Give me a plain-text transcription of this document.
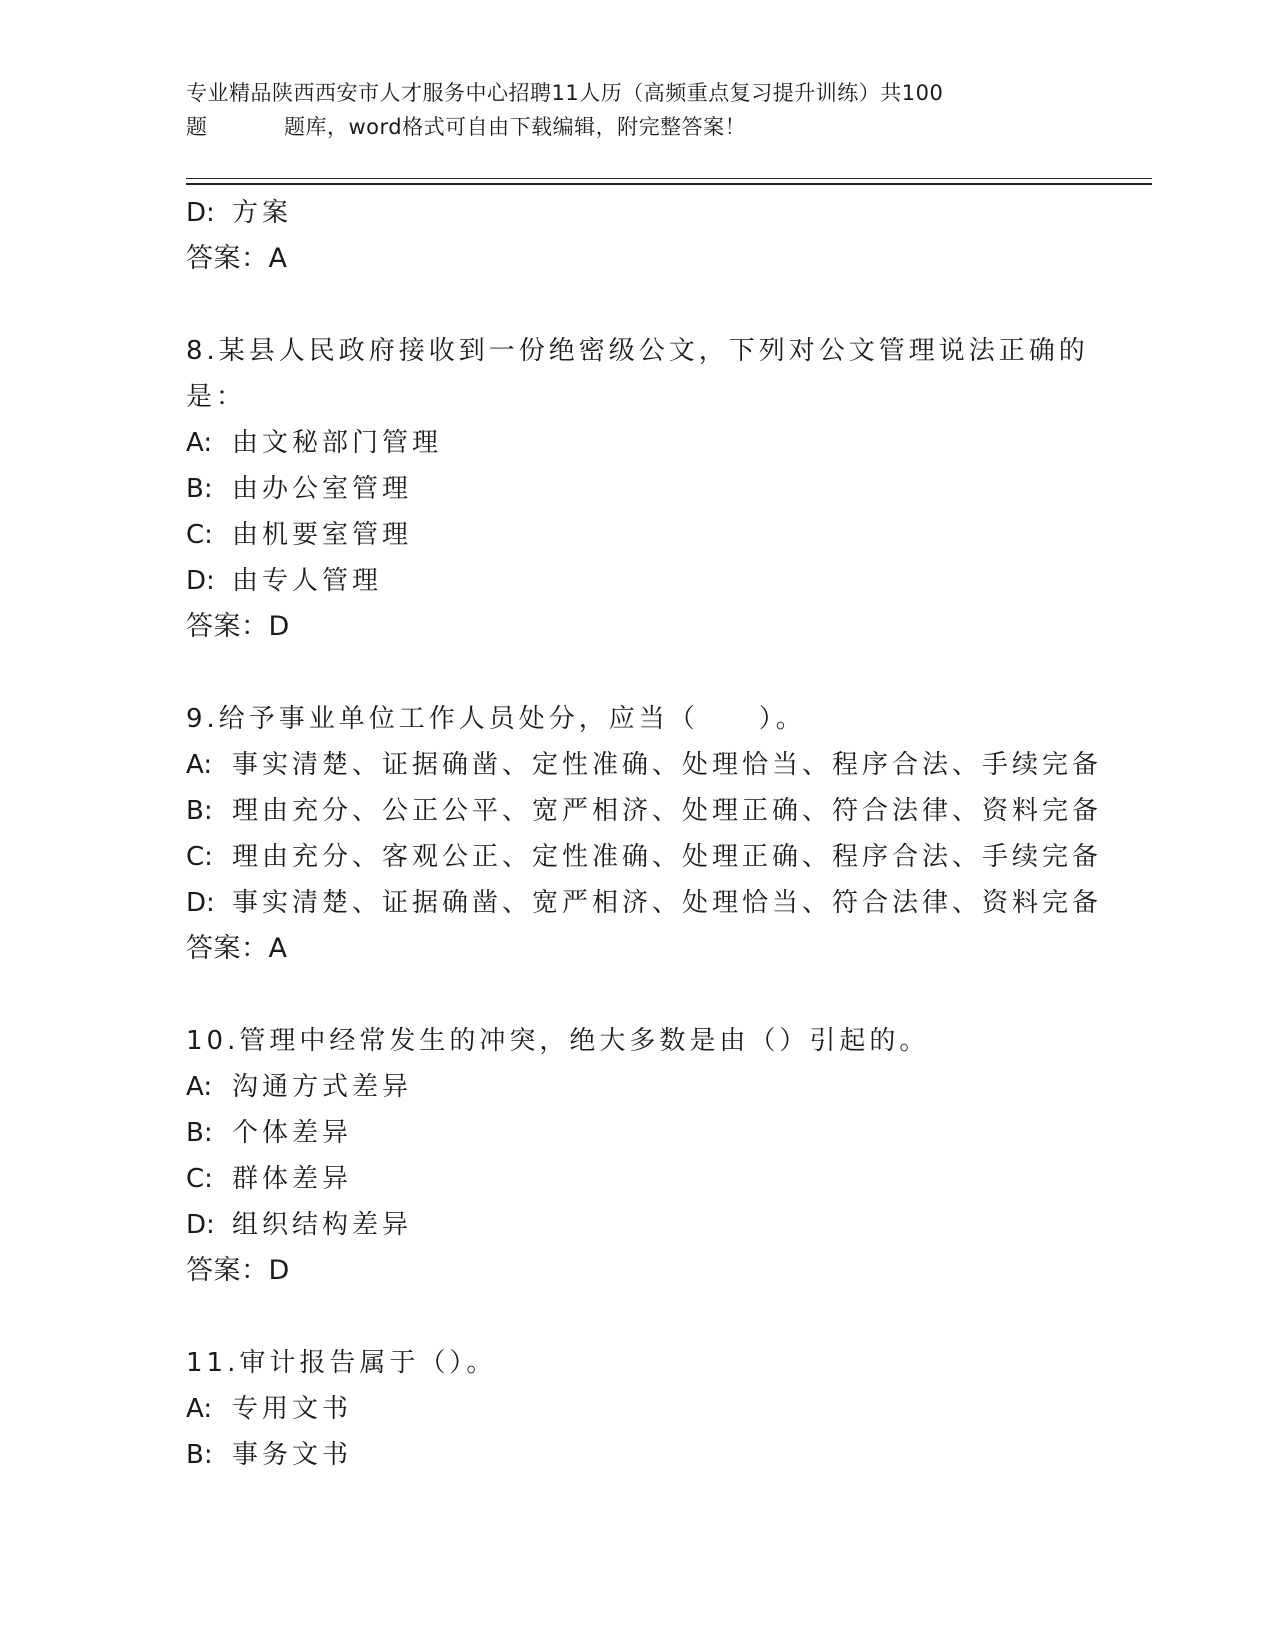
专业精品陕西西安市人才服务中心招聘11人历（高频重点复习提升训练）共100
题	题库，word格式可自由下载编辑，附完整答案！
D: 方案
答案：A
8.某县人民政府接收到一份绝密级公文，下列对公文管理说法正确的
是：
A: 由文秘部门管理
B: 由办公室管理
C: 由机要室管理
D: 由专人管理
答案：D
9.给予事业单位工作人员处分，应当（　　）。
A: 事实清楚、证据确凿、定性准确、处理恰当、程序合法、手续完备
B: 理由充分、公正公平、宽严相济、处理正确、符合法律、资料完备
C: 理由充分、客观公正、定性准确、处理正确、程序合法、手续完备
D: 事实清楚、证据确凿、宽严相济、处理恰当、符合法律、资料完备
答案：A
10.管理中经常发生的冲突，绝大多数是由（）引起的。
A: 沟通方式差异
B: 个体差异
C: 群体差异
D: 组织结构差异
答案：D
11.审计报告属于（）。
A: 专用文书
B: 事务文书
